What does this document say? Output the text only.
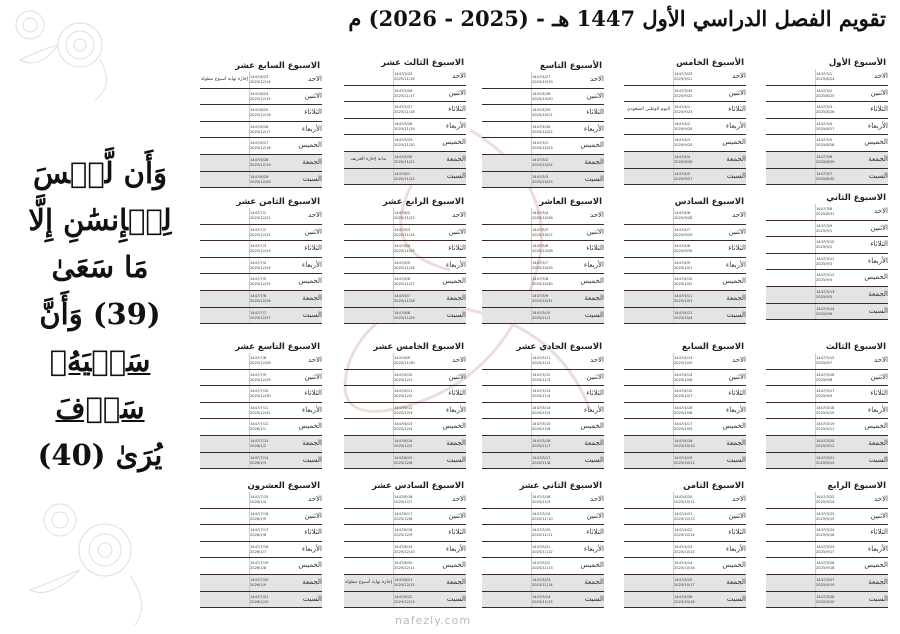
تقويم الفصل الدراسي الأول 1447 هـ - (2025 - 2026) م
وَأَن لَّيۡسَ
لِلۡإِنسَٰنِ إِلَّا
مَا سَعَىٰ
(39) وَأَنَّ
سَعۡيَهُۥ سَوۡفَ
يُرَىٰ (40)
الأسبوع الأول
الاحد
1447/3/1
2025/8/24
الاثنين
1447/3/2
2025/8/25
الثلاثاء
1447/3/3
2025/8/26
الأربعاء
1447/3/4
2025/8/27
الخميس
1447/3/5
2025/8/28
الجمعة
1447/3/6
2025/8/29
السبت
1447/3/7
2025/8/30
الاسبوع الثاني
الاحد
1447/3/8
2025/8/31
الاثنين
1447/3/9
2025/9/1
الثلاثاء
1447/3/10
2025/9/2
الأربعاء
1447/3/11
2025/9/3
الخميس
1447/3/12
2025/9/4
الجمعة
1447/3/13
2025/9/5
السبت
1447/3/14
2025/9/6
الاسبوع الثالث
الاحد
1447/3/15
2025/9/7
الاثنين
1447/3/16
2025/9/8
الثلاثاء
1447/3/17
2025/9/9
الأربعاء
1447/3/18
2025/9/10
الخميس
1447/3/19
2025/9/11
الجمعة
1447/3/20
2025/9/12
السبت
1447/3/21
2025/9/13
الاسبوع الرابع
الاحد
1447/3/22
2025/9/14
الاثنين
1447/3/23
2025/9/15
الثلاثاء
1447/3/24
2025/9/16
الأربعاء
1447/3/25
2025/9/17
الخميس
1447/3/26
2025/9/18
الجمعة
1447/3/27
2025/9/19
السبت
1447/3/28
2025/9/20
الأسبوع الخامس
الاحد
1447/3/29
2025/9/21
الاثنين
1447/3/30
2025/9/22
الثلاثاء
1447/4/1
2025/9/23
اليوم الوطني السعودي
الأربعاء
1447/4/2
2025/9/24
الخميس
1447/4/3
2025/9/25
الجمعة
1447/4/4
2025/9/26
السبت
1447/4/5
2025/9/27
الاسبوع السادس
الاحد
1447/4/6
2025/9/28
الاثنين
1447/4/7
2025/9/29
الثلاثاء
1447/4/8
2025/9/30
الأربعاء
1447/4/9
2025/10/1
الخميس
1447/4/10
2025/10/2
الجمعة
1447/4/11
2025/10/3
السبت
1447/4/12
2025/10/4
الاسبوع السابع
الاحد
1447/4/13
2025/10/5
الاثنين
1447/4/14
2025/10/6
الثلاثاء
1447/4/15
2025/10/7
الأربعاء
1447/4/16
2025/10/8
الخميس
1447/4/17
2025/10/9
الجمعة
1447/4/18
2025/10/10
السبت
1447/4/19
2025/10/11
الاسبوع الثامن
الاحد
1447/4/20
2025/10/12
الاثنين
1447/4/21
2025/10/13
الثلاثاء
1447/4/22
2025/10/14
الأربعاء
1447/4/23
2025/10/15
الخميس
1447/4/24
2025/10/16
الجمعة
1447/4/25
2025/10/17
السبت
1447/4/26
2025/10/18
الأسبوع التاسع
الاحد
1447/4/27
2025/10/19
الاثنين
1447/4/28
2025/10/20
الثلاثاء
1447/4/29
2025/10/21
الأربعاء
1447/4/30
2025/10/22
الخميس
1447/5/1
2025/10/23
الجمعة
1447/5/2
2025/10/24
السبت
1447/5/3
2025/10/25
الاسبوع العاشر
الاحد
1447/5/4
2025/10/26
الاثنين
1447/5/5
2025/10/27
الثلاثاء
1447/5/6
2025/10/28
الأربعاء
1447/5/7
2025/10/29
الخميس
1447/5/8
2025/10/30
الجمعة
1447/5/9
2025/10/31
السبت
1447/5/10
2025/11/1
الاسبوع الحادي عشر
الاحد
1447/5/11
2025/11/2
الاثنين
1447/5/12
2025/11/3
الثلاثاء
1447/5/13
2025/11/4
الأربعاء
1447/5/14
2025/11/5
الخميس
1447/5/15
2025/11/6
الجمعة
1447/5/16
2025/11/7
السبت
1447/5/17
2025/11/8
الاسبوع الثاني عشر
الاحد
1447/5/18
2025/11/9
الاثنين
1447/5/19
2025/11/10
الثلاثاء
1447/5/20
2025/11/11
الأربعاء
1447/5/21
2025/11/12
الخميس
1447/5/22
2025/11/13
الجمعة
1447/5/23
2025/11/14
السبت
1447/5/24
2025/11/15
الاسبوع الثالث عشر
الاحد
1447/5/25
2025/11/16
الاثنين
1447/5/26
2025/11/17
الثلاثاء
1447/5/27
2025/11/18
الأربعاء
1447/5/28
2025/11/19
الخميس
1447/5/29
2025/11/20
الجمعة
1447/5/30
2025/11/21
بداية إجازة الخريف
السبت
1447/6/1
2025/11/22
الاسبوع الرابع عشر
الاحد
1447/6/2
2025/11/23
الاثنين
1447/6/3
2025/11/24
الثلاثاء
1447/6/4
2025/11/25
الأربعاء
1447/6/5
2025/11/26
الخميس
1447/6/6
2025/11/27
الجمعة
1447/6/7
2025/11/28
السبت
1447/6/8
2025/11/29
الاسبوع الخامس عشر
الاحد
1447/6/9
2025/11/30
الاثنين
1447/6/10
2025/12/1
الثلاثاء
1447/6/11
2025/12/2
الأربعاء
1447/6/12
2025/12/3
الخميس
1447/6/13
2025/12/4
الجمعة
1447/6/14
2025/12/5
السبت
1447/6/15
2025/12/6
الاسبوع السادس عشر
الاحد
1447/6/16
2025/12/7
الاثنين
1447/6/17
2025/12/8
الثلاثاء
1447/6/18
2025/12/9
الأربعاء
1447/6/19
2025/12/10
الخميس
1447/6/20
2025/12/11
الجمعة
1447/6/21
2025/12/12
إجازة نهاية أسبوع مطولة
السبت
1447/6/22
2025/12/13
الاسبوع السابع عشر
الاحد
1447/6/23
2025/12/14
إجازة نهاية أسبوع مطولة
الاثنين
1447/6/24
2025/12/15
الثلاثاء
1447/6/25
2025/12/16
الأربعاء
1447/6/26
2025/12/17
الخميس
1447/6/27
2025/12/18
الجمعة
1447/6/28
2025/12/19
السبت
1447/6/29
2025/12/20
الاسبوع الثامن عشر
الاحد
1447/7/1
2025/12/21
الاثنين
1447/7/2
2025/12/22
الثلاثاء
1447/7/3
2025/12/23
الأربعاء
1447/7/4
2025/12/24
الخميس
1447/7/5
2025/12/25
الجمعة
1447/7/6
2025/12/26
السبت
1447/7/7
2025/12/27
الاسبوع التاسع عشر
الاحد
1447/7/8
2025/12/28
الاثنين
1447/7/9
2025/12/29
الثلاثاء
1447/7/10
2025/12/30
الأربعاء
1447/7/11
2025/12/31
الخميس
1447/7/12
2026/1/1
الجمعة
1447/7/13
2026/1/2
السبت
1447/7/14
2026/1/3
الاسبوع العشرون
الاحد
1447/7/15
2026/1/4
الاثنين
1447/7/16
2026/1/5
الثلاثاء
1447/7/17
2026/1/6
الأربعاء
1447/7/18
2026/1/7
الخميس
1447/7/19
2026/1/8
الجمعة
1447/7/20
2026/1/9
السبت
1447/7/21
2026/1/10
nafezly.com
